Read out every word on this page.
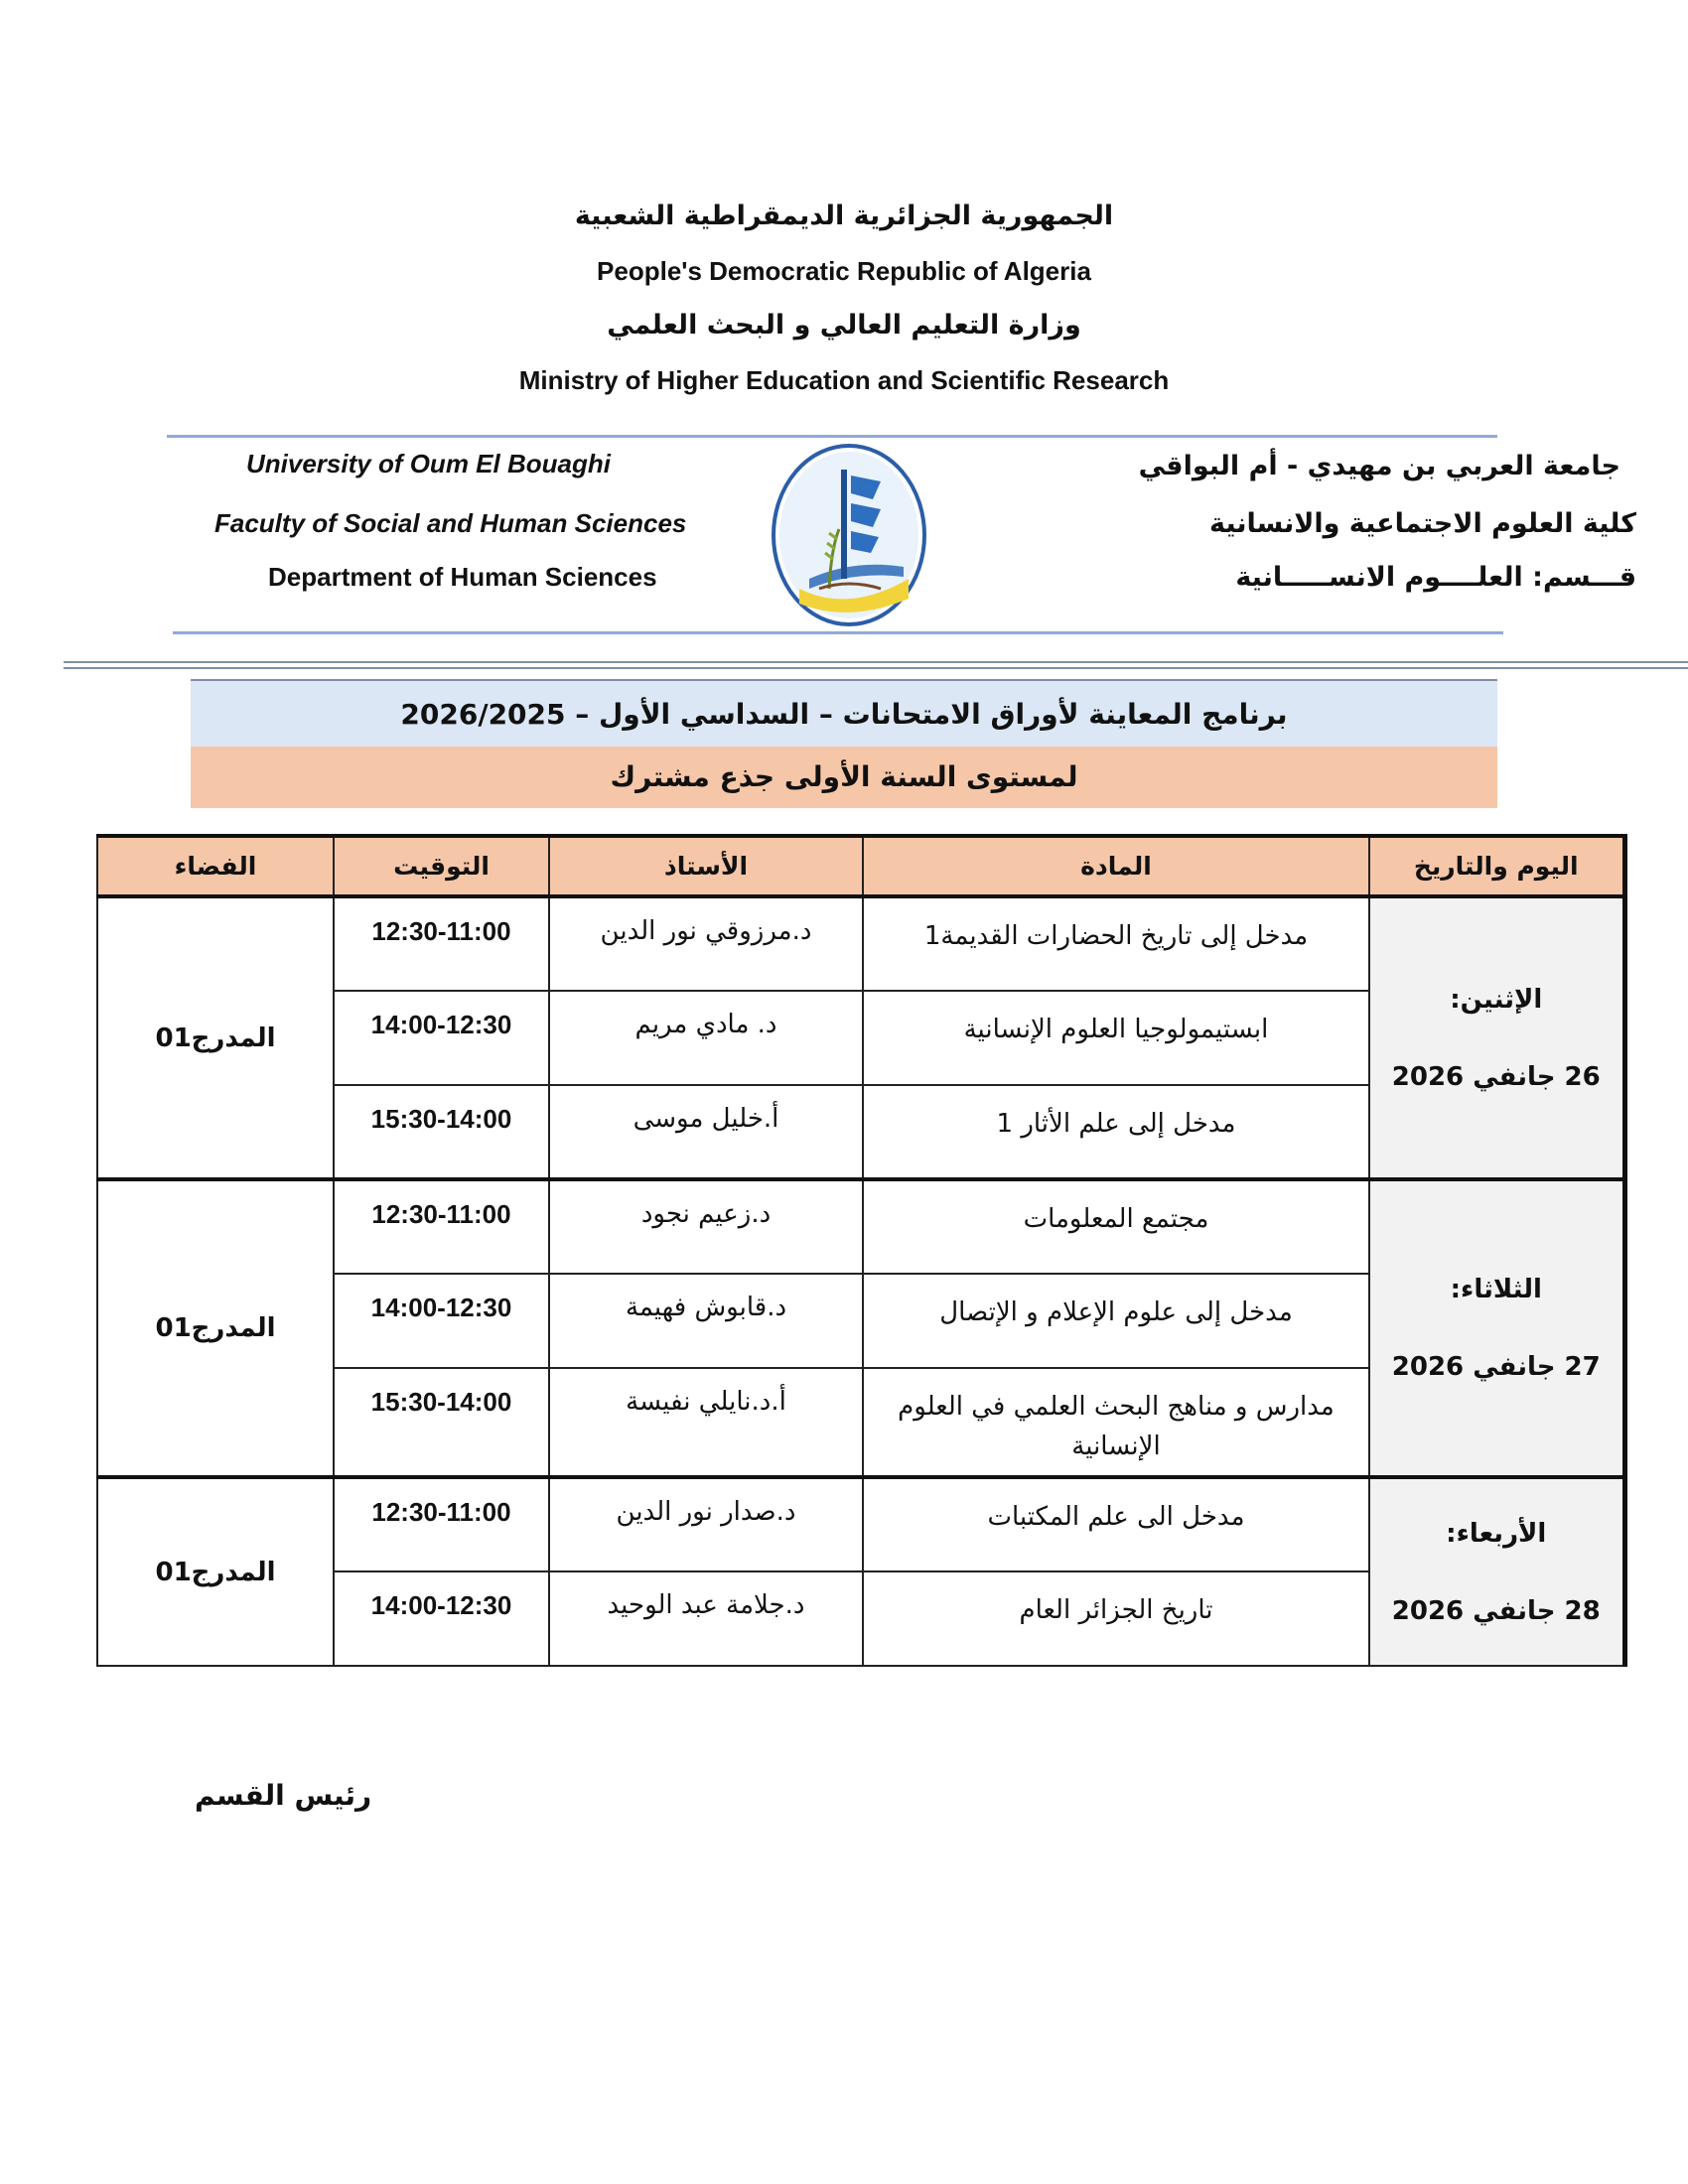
الجمهورية الجزائرية الديمقراطية الشعبية
People's Democratic Republic of Algeria
وزارة التعليم العالي و البحث العلمي
Ministry of Higher Education and Scientific Research
University of Oum El Bouaghi
Faculty of Social and Human Sciences
Department of Human Sciences
جامعة العربي بن مهيدي - أم البواقي
كلية العلوم الاجتماعية والانسانية
قـــسم: العلــــوم الانســـــانية
برنامج المعاينة لأوراق الامتحانات – السداسي الأول – 2026/2025
لمستوى السنة الأولى جذع مشترك
اليوم والتاريخ	المادة	الأستاذ	التوقيت	الفضاء

الإثنين:
26 جانفي 2026	مدخل إلى تاريخ الحضارات القديمة1	د.مرزوقي نور الدين	12:30-11:00	المدرج01
	ابستيمولوجيا العلوم الإنسانية	د. مادي مريم	14:00-12:30	
	مدخل إلى علم الأثار 1	أ.خليل موسى	15:30-14:00	

الثلاثاء:
27 جانفي 2026	مجتمع المعلومات	د.زعيم نجود	12:30-11:00	المدرج01
	مدخل إلى علوم الإعلام و الإتصال	د.قابوش فهيمة	14:00-12:30	
	مدارس و مناهج البحث العلمي في العلوم الإنسانية	أ.د.نايلي نفيسة	15:30-14:00	

الأربعاء:
28 جانفي 2026	مدخل الى علم المكتبات	د.صدار نور الدين	12:30-11:00	المدرج01
	تاريخ الجزائر العام	د.جلامة عبد الوحيد	14:00-12:30	
رئيس القسم
